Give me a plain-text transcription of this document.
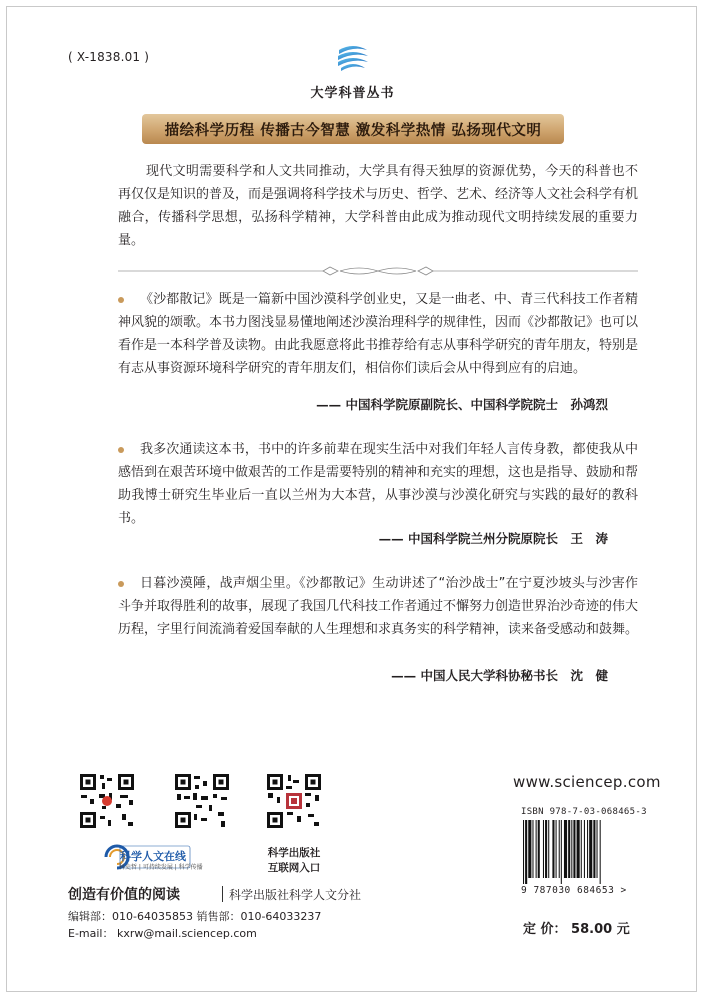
( X-1838.01 )
大学科普丛书
描绘科学历程 传播古今智慧 激发科学热情 弘扬现代文明
现代文明需要科学和人文共同推动，大学具有得天独厚的资源优势，今天的科普也不再仅仅是知识的普及，而是强调将科学技术与历史、哲学、艺术、经济等人文社会科学有机融合，传播科学思想，弘扬科学精神，大学科普由此成为推动现代文明持续发展的重要力量。
《沙都散记》既是一篇新中国沙漠科学创业史，又是一曲老、中、青三代科技工作者精神风貌的颂歌。本书力图浅显易懂地阐述沙漠治理科学的规律性，因而《沙都散记》也可以看作是一本科学普及读物。由此我愿意将此书推荐给有志从事科学研究的青年朋友，特别是有志从事资源环境科学研究的青年朋友们，相信你们读后会从中得到应有的启迪。
—— 中国科学院原副院长、中国科学院院士　孙鸿烈
我多次通读这本书，书中的许多前辈在现实生活中对我们年轻人言传身教，都使我从中感悟到在艰苦环境中做艰苦的工作是需要特别的精神和充实的理想，这也是指导、鼓励和帮助我博士研究生毕业后一直以兰州为大本营，从事沙漠与沙漠化研究与实践的最好的教科书。
—— 中国科学院兰州分院原院长　王　涛
日暮沙漠陲，战声烟尘里。《沙都散记》生动讲述了“治沙战士”在宁夏沙坡头与沙害作斗争并取得胜利的故事，展现了我国几代科技工作者通过不懈努力创造世界治沙奇迹的伟大历程，字里行间流淌着爱国奉献的人生理想和求真务实的科学精神，读来备受感动和鼓舞。
—— 中国人民大学科协秘书长　沈　健
科学人文在线
科史哲 | 可持续发展 | 科学传播
科学出版社
互联网入口
创造有价值的阅读	科学出版社科学人文分社
编辑部：010-64035853 销售部：010-64033237
E-mail： kxrw@mail.sciencep.com
www.sciencep.com
ISBN 978-7-03-068465-3
9 787030 684653 >
定 价： 58.00 元
